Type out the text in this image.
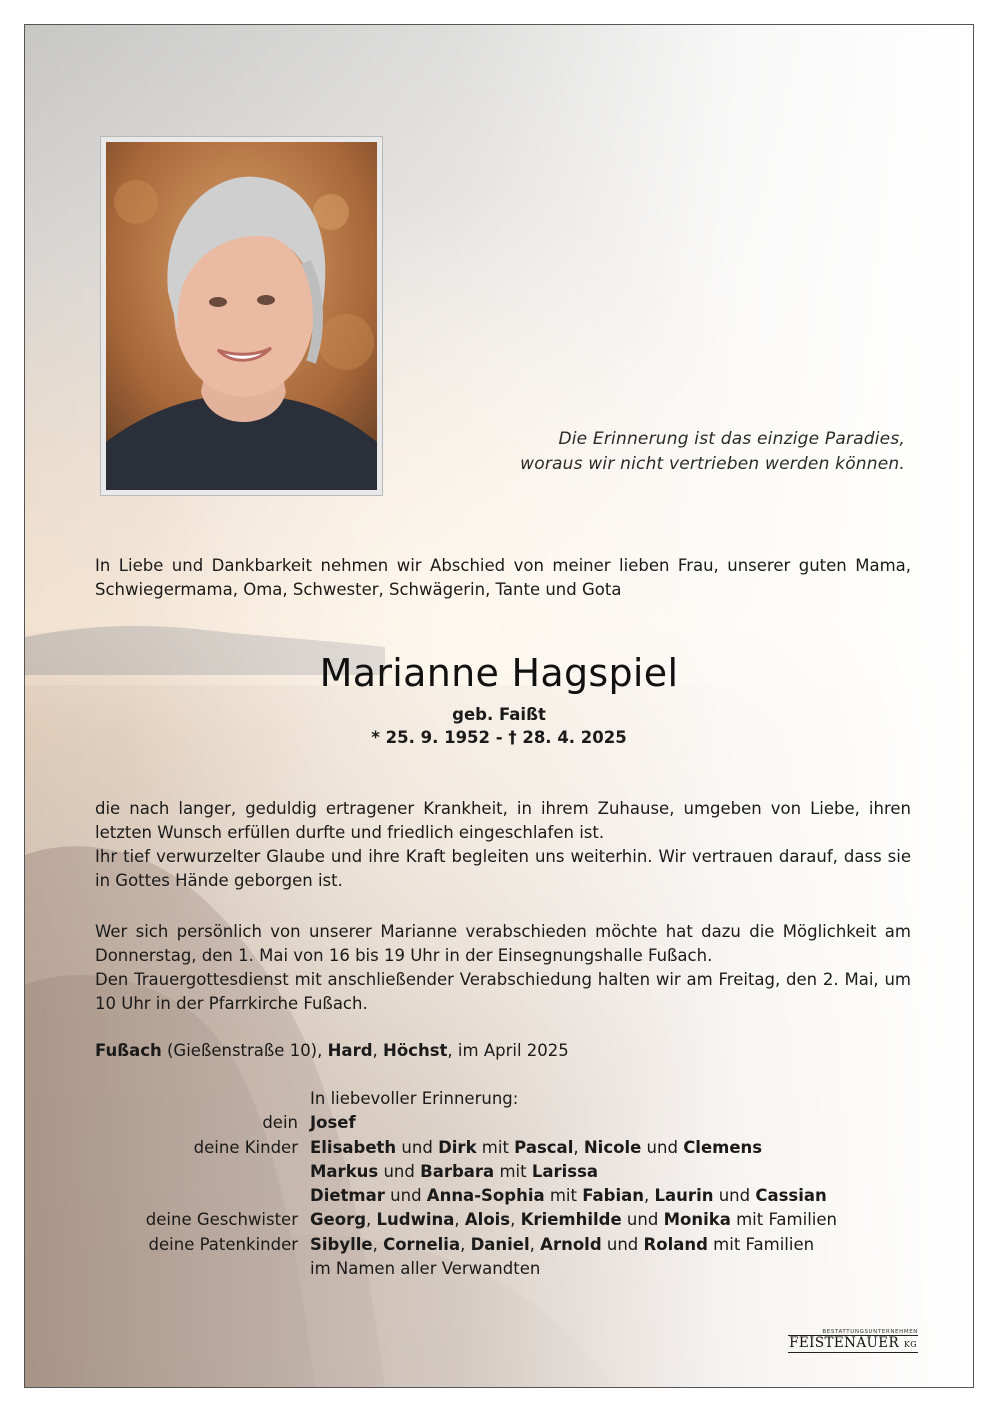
Die Erinnerung ist das einzige Paradies,
woraus wir nicht vertrieben werden können.
In Liebe und Dankbarkeit nehmen wir Abschied von meiner lieben Frau, unserer guten Mama, Schwiegermama, Oma, Schwester, Schwägerin, Tante und Gota
Marianne Hagspiel
geb. Faißt
* 25. 9. 1952 - † 28. 4. 2025
die nach langer, geduldig ertragener Krankheit, in ihrem Zuhause, umgeben von Liebe, ihren letzten Wunsch erfüllen durfte und friedlich eingeschlafen ist.
Ihr tief verwurzelter Glaube und ihre Kraft begleiten uns weiterhin. Wir vertrauen darauf, dass sie in Gottes Hände geborgen ist.
Wer sich persönlich von unserer Marianne verabschieden möchte hat dazu die Möglichkeit am Donnerstag, den 1. Mai von 16 bis 19 Uhr in der Einsegnungshalle Fußach.
Den Trauergottesdienst mit anschließender Verabschiedung halten wir am Freitag, den 2. Mai, um 10 Uhr in der Pfarrkirche Fußach.
Fußach (Gießenstraße 10), Hard, Höchst, im April 2025
In liebevoller Erinnerung:
dein Josef
deine Kinder Elisabeth und Dirk mit Pascal, Nicole und Clemens
Markus und Barbara mit Larissa
Dietmar und Anna-Sophia mit Fabian, Laurin und Cassian
deine Geschwister Georg, Ludwina, Alois, Kriemhilde und Monika mit Familien
deine Patenkinder Sibylle, Cornelia, Daniel, Arnold und Roland mit Familien
im Namen aller Verwandten
BESTATTUNGSUNTERNEHMEN
FEISTENAUER KG
